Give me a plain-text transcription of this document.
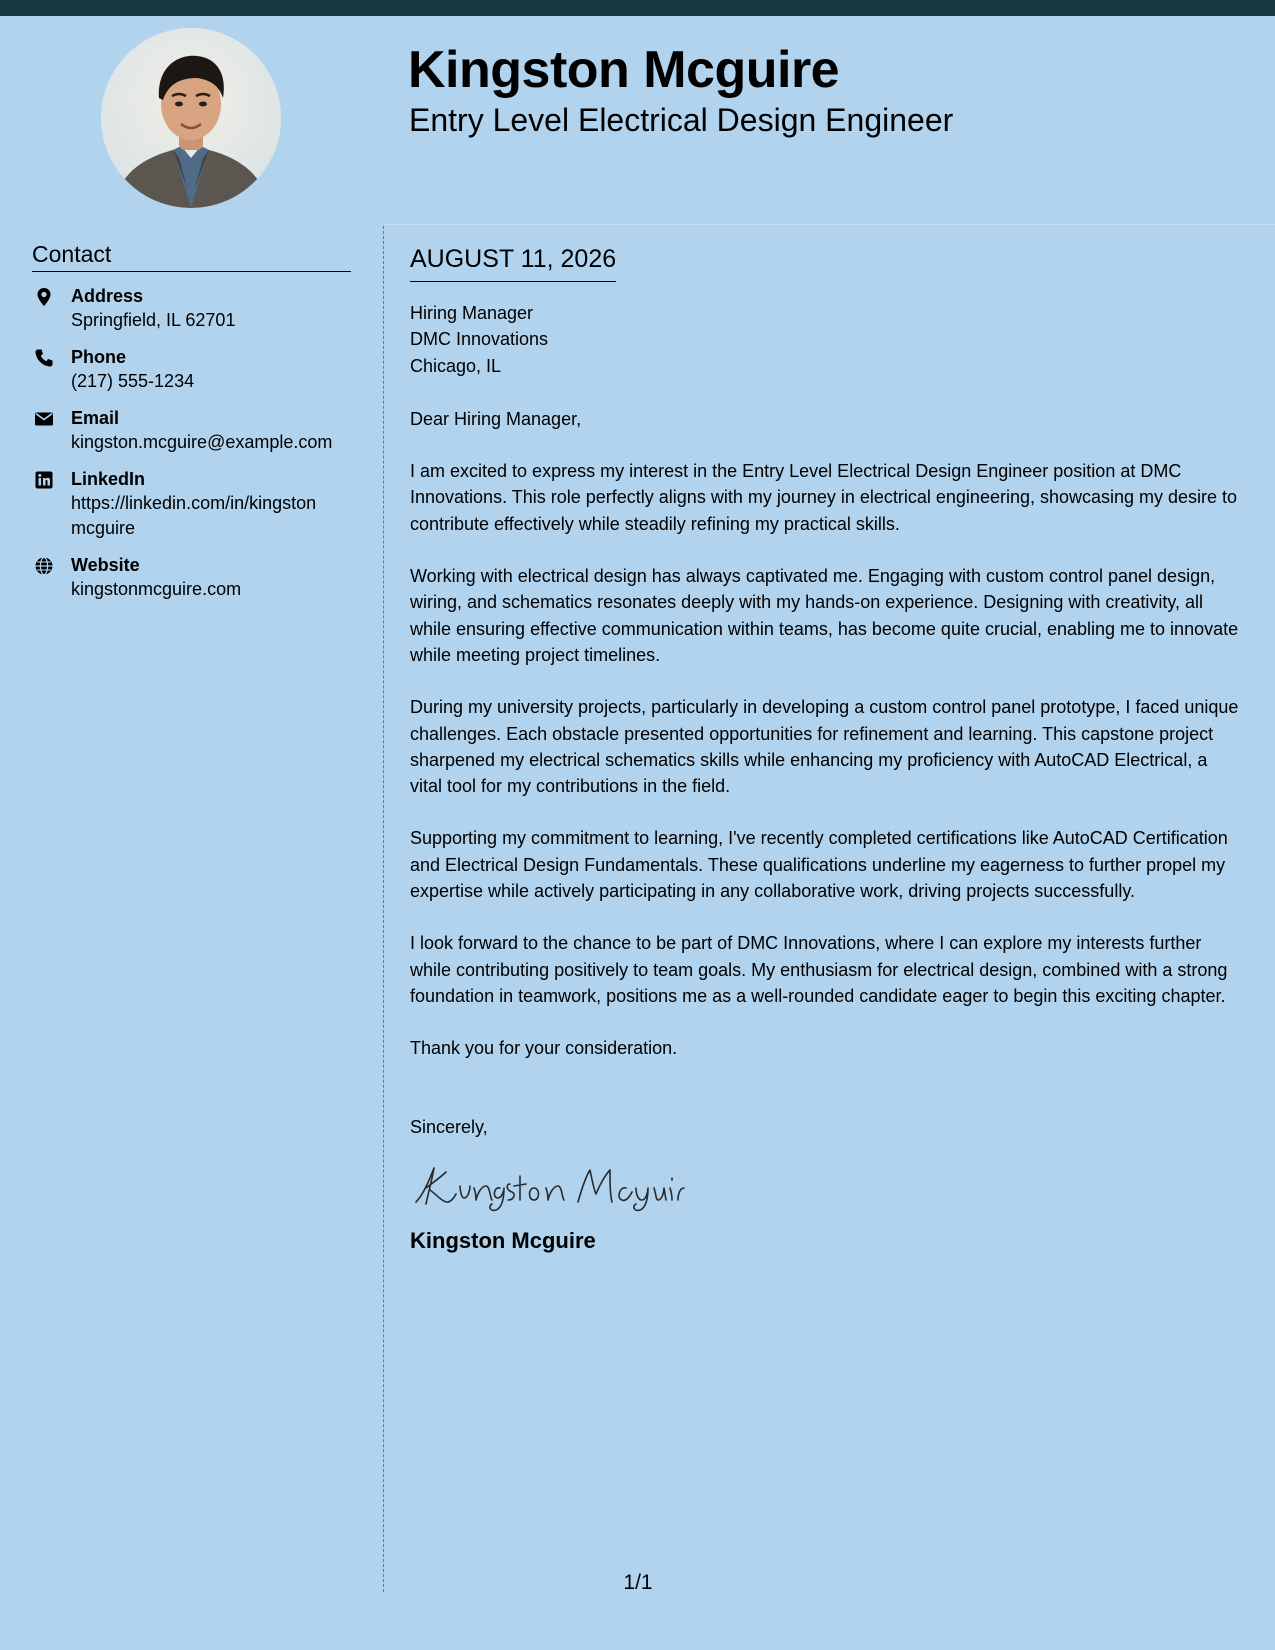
Kingston Mcguire
Entry Level Electrical Design Engineer
Contact
Address
Springfield, IL 62701
Phone
(217) 555-1234
Email
kingston.mcguire@example.com
LinkedIn
https://linkedin.com/in/kingston mcguire
Website
kingstonmcguire.com
AUGUST 11, 2026
Hiring Manager
DMC Innovations
Chicago, IL
Dear Hiring Manager,
I am excited to express my interest in the Entry Level Electrical Design Engineer position at DMC Innovations. This role perfectly aligns with my journey in electrical engineering, showcasing my desire to contribute effectively while steadily refining my practical skills.
Working with electrical design has always captivated me. Engaging with custom control panel design, wiring, and schematics resonates deeply with my hands-on experience. Designing with creativity, all while ensuring effective communication within teams, has become quite crucial, enabling me to innovate while meeting project timelines.
During my university projects, particularly in developing a custom control panel prototype, I faced unique challenges. Each obstacle presented opportunities for refinement and learning. This capstone project sharpened my electrical schematics skills while enhancing my proficiency with AutoCAD Electrical, a vital tool for my contributions in the field.
Supporting my commitment to learning, I've recently completed certifications like AutoCAD Certification and Electrical Design Fundamentals. These qualifications underline my eagerness to further propel my expertise while actively participating in any collaborative work, driving projects successfully.
I look forward to the chance to be part of DMC Innovations, where I can explore my interests further while contributing positively to team goals. My enthusiasm for electrical design, combined with a strong foundation in teamwork, positions me as a well-rounded candidate eager to begin this exciting chapter.
Thank you for your consideration.
Sincerely,
Kingston Mcguire
1/1
